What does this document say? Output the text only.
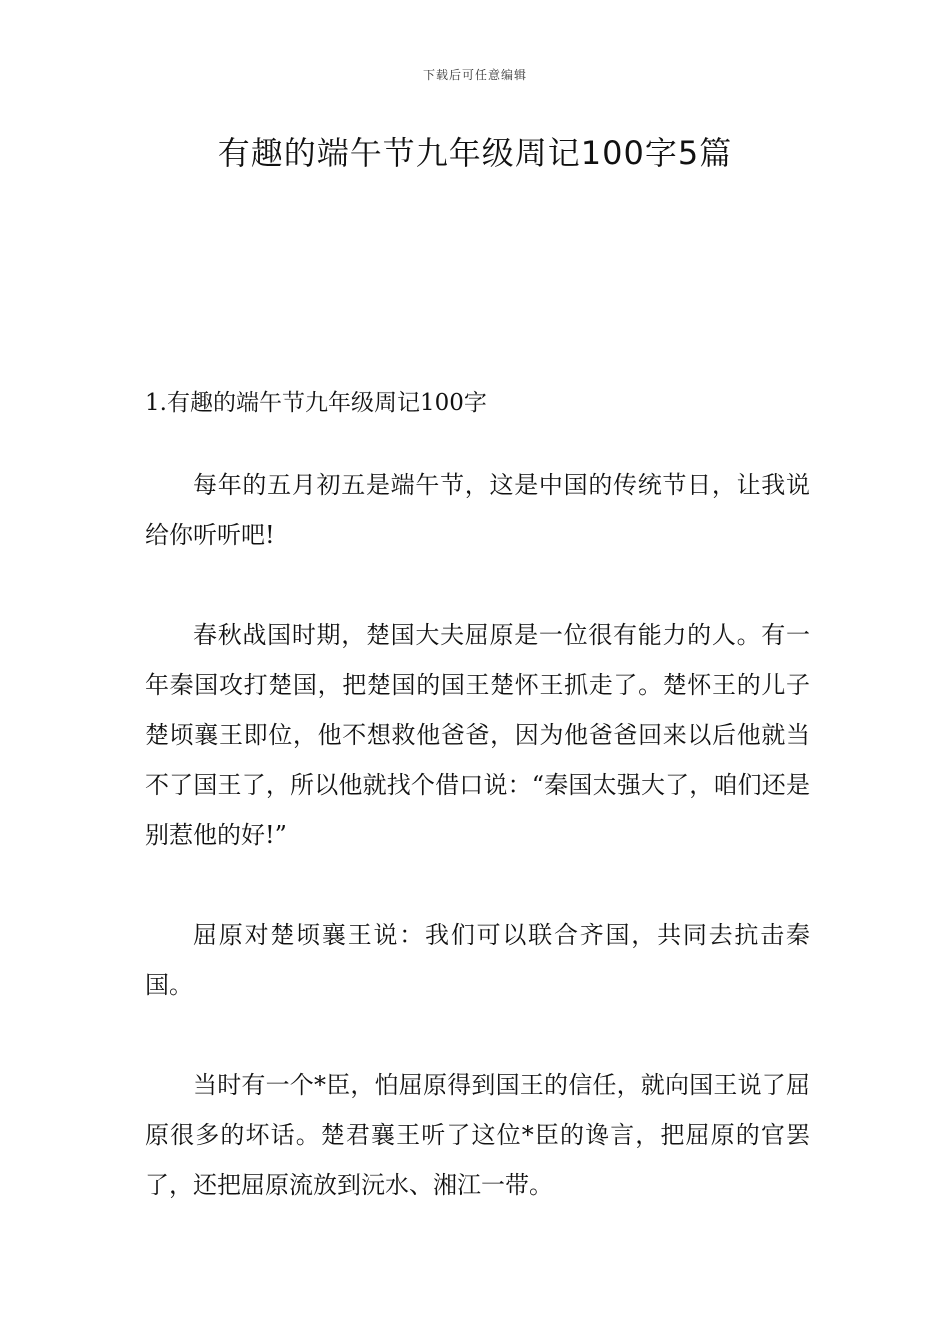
下载后可任意编辑
有趣的端午节九年级周记100字5篇

1.有趣的端午节九年级周记100字

每年的五月初五是端午节，这是中国的传统节日，让我说给你听听吧!

春秋战国时期，楚国大夫屈原是一位很有能力的人。有一年秦国攻打楚国，把楚国的国王楚怀王抓走了。楚怀王的儿子楚顷襄王即位，他不想救他爸爸，因为他爸爸回来以后他就当不了国王了，所以他就找个借口说：“秦国太强大了，咱们还是别惹他的好!”

屈原对楚顷襄王说：我们可以联合齐国，共同去抗击秦国。

当时有一个*臣，怕屈原得到国王的信任，就向国王说了屈原很多的坏话。楚君襄王听了这位*臣的谗言，把屈原的官罢了，还把屈原流放到沅水、湘江一带。
